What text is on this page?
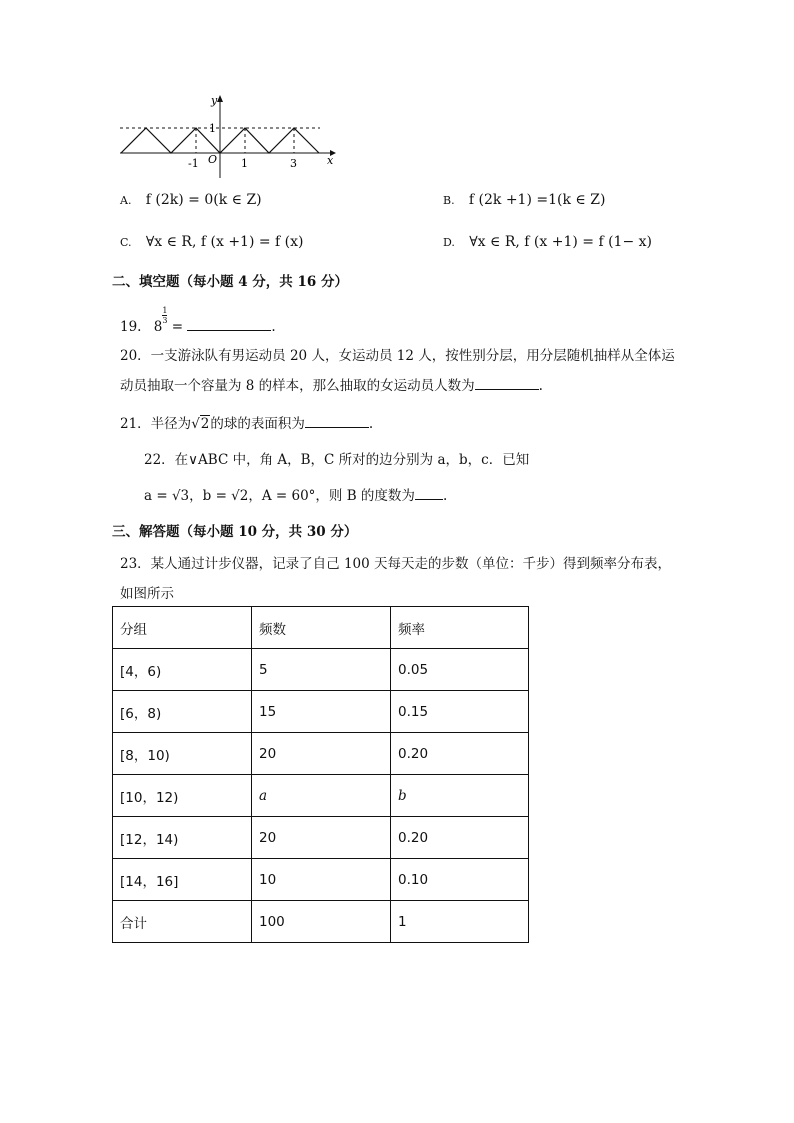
y
x
O
1
-1	1	3
A. f (2k) = 0(k ∈ Z)	B. f (2k +1) =1(k ∈ Z)
C. ∀x ∈ R, f (x +1) = f (x)	D. ∀x ∈ R, f (x +1) = f (1− x)
二、填空题（每小题 4 分，共 16 分）
19. 8
$^{\frac{1}{3}}$
=	.
20．一支游泳队有男运动员 20 人，女运动员 12 人，按性别分层，用分层随机抽样从全体运
动员抽取一个容量为 8 的样本，那么抽取的女运动员人数为	.
21．半径为√2的球的表面积为	.
22．在∨ABC 中，角 A，B，C 所对的边分别为 a，b，c．已知
a = √3，b = √2，A = 60°，则 B 的度数为 .
三、解答题（每小题 10 分，共 30 分）
23．某人通过计步仪器，记录了自己 100 天每天走的步数（单位：千步）得到频率分布表，
如图所示
分组	频数	频率
[4，6)	5	0.05
[6，8)	15	0.15
[8，10)	20	0.20
[10，12)	a	b
[12，14)	20	0.20
[14，16]	10	0.10
合计	100	1
